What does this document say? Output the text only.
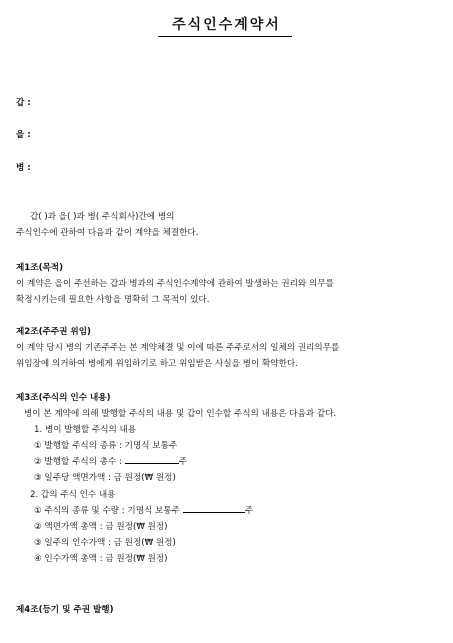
주식인수계약서
갑 :
을 :
병 :
갑( )과 을( )과 병( 주식회사)간에 병의
주식인수에 관하여 다음과 같이 계약을 체결한다.
제1조(목적)
이 계약은 을이 주선하는 갑과 병과의 주식인수계약에 관하여 발생하는 권리와 의무를
확정시키는데 필요한 사항을 명확히 그 목적이 있다.
제2조(주주권 위임)
이 계약 당시 병의 기존주주는 본 계약체결 및 이에 따른 주주로서의 일체의 권리의무를
위임장에 의거하여 병에게 위임하기로 하고 위임받은 사실을 병이 확약한다.
제3조(주식의 인수 내용)
병이 본 계약에 의해 발행할 주식의 내용 및 갑이 인수할 주식의 내용은 다음과 같다.
1. 병이 발행할 주식의 내용
① 발행할 주식의 종류 : 기명식 보통주
② 발행할 주식의 총수 :	주
③ 일주당 액면가액 : 금 원정(₩ 원정)
2. 갑의 주식 인수 내용
① 주식의 종류 및 수량 : 기명식 보통주	주
② 액면가액 총액 : 금 원정(₩ 원정)
③ 일주의 인수가액 : 금 원정(₩ 원정)
④ 인수가액 총액 : 금 원정(₩ 원정)
제4조(등기 및 주권 발행)
